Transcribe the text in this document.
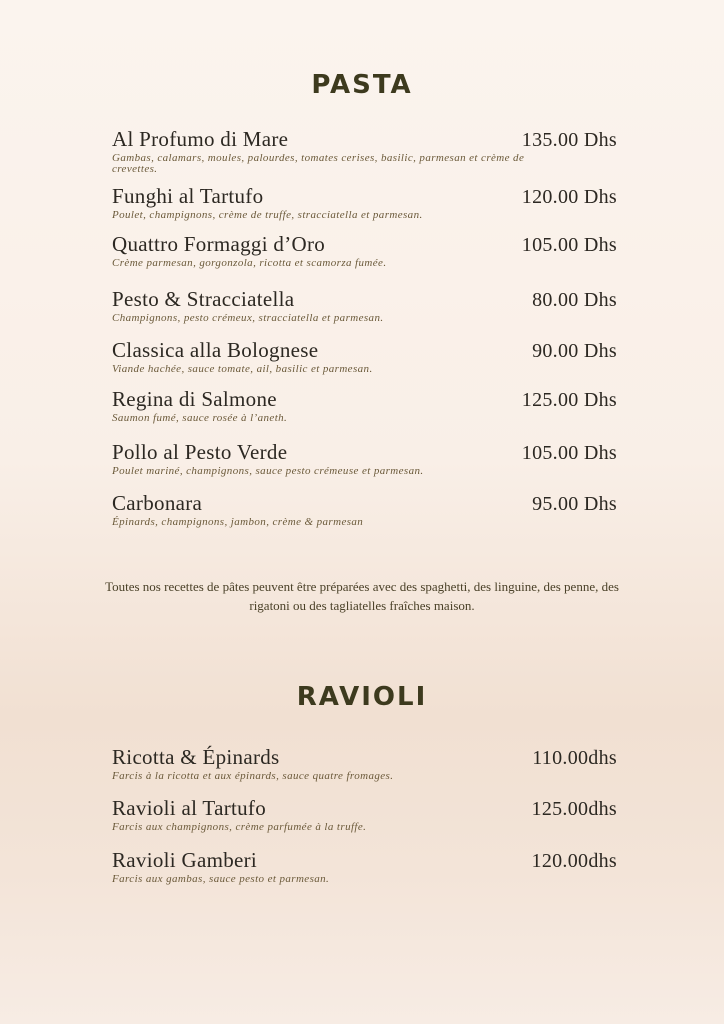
PASTA
Al Profumo di Mare	135.00 Dhs
Gambas, calamars, moules, palourdes, tomates cerises, basilic, parmesan et crème de crevettes.
Funghi al Tartufo	120.00 Dhs
Poulet, champignons, crème de truffe, stracciatella et parmesan.
Quattro Formaggi d’Oro	105.00 Dhs
Crème parmesan, gorgonzola, ricotta et scamorza fumée.
Pesto & Stracciatella	80.00 Dhs
Champignons, pesto crémeux, stracciatella et parmesan.
Classica alla Bolognese	90.00 Dhs
Viande hachée, sauce tomate, ail, basilic et parmesan.
Regina di Salmone	125.00 Dhs
Saumon fumé, sauce rosée à l’aneth.
Pollo al Pesto Verde	105.00 Dhs
Poulet mariné, champignons, sauce pesto crémeuse et parmesan.
Carbonara	95.00 Dhs
Épinards, champignons, jambon, crème & parmesan
Toutes nos recettes de pâtes peuvent être préparées avec des spaghetti, des linguine, des penne, des rigatoni ou des tagliatelles fraîches maison.
RAVIOLI
Ricotta & Épinards	110.00dhs
Farcis à la ricotta et aux épinards, sauce quatre fromages.
Ravioli al Tartufo	125.00dhs
Farcis aux champignons, crème parfumée à la truffe.
Ravioli Gamberi	120.00dhs
Farcis aux gambas, sauce pesto et parmesan.
